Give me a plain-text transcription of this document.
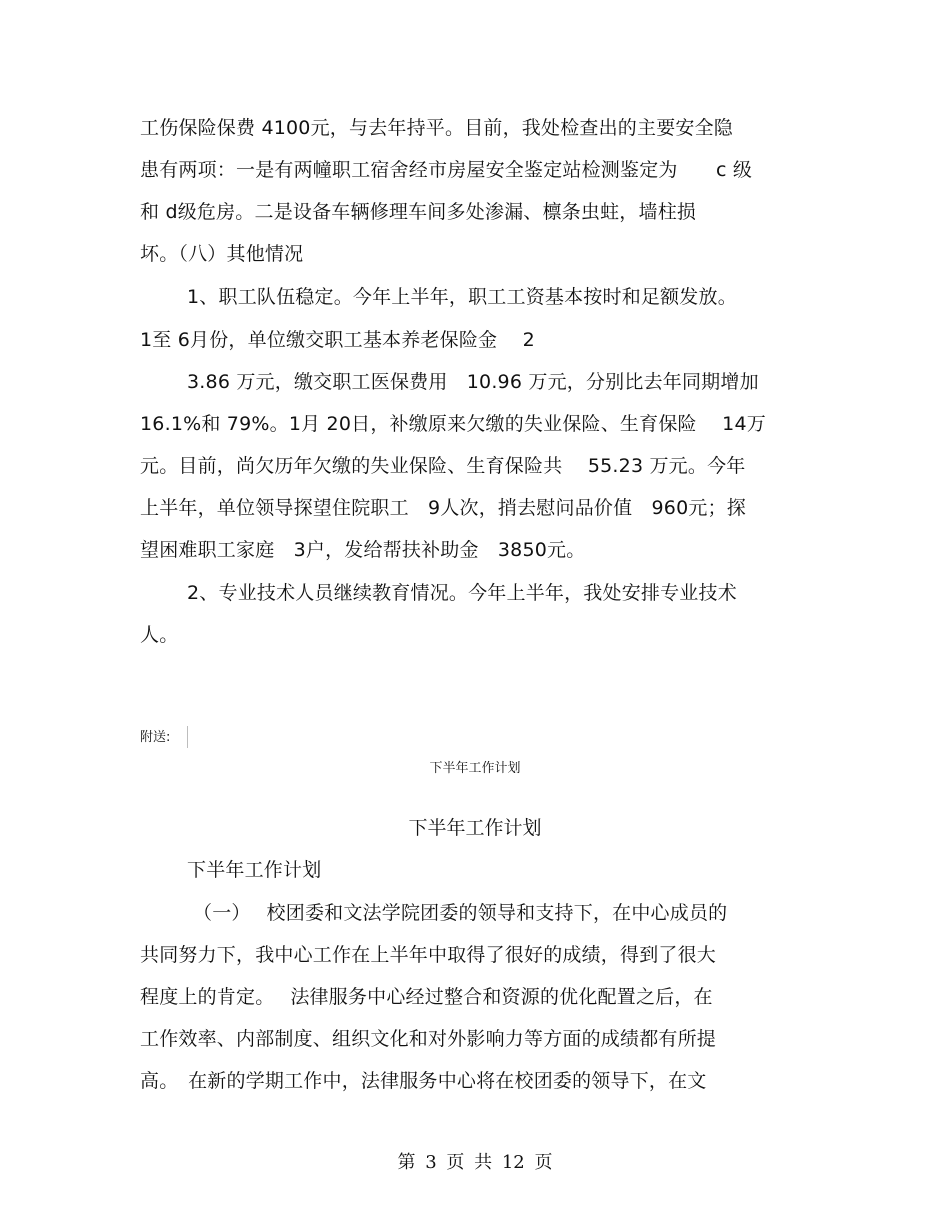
工伤保险保费 4100元，与去年持平。目前，我处检查出的主要安全隐
患有两项：一是有两幢职工宿舍经市房屋安全鉴定站检测鉴定为　　c 级
和 d级危房。二是设备车辆修理车间多处渗漏、檩条虫蛀，墙柱损
坏。（八）其他情况
1、职工队伍稳定。今年上半年，职工工资基本按时和足额发放。
1至 6月份，单位缴交职工基本养老保险金　 2
3.86 万元，缴交职工医保费用　10.96 万元，分别比去年同期增加
16.1%和 79%。1月 20日，补缴原来欠缴的失业保险、生育保险　 14万
元。目前，尚欠历年欠缴的失业保险、生育保险共　 55.23 万元。今年
上半年，单位领导探望住院职工　9人次，捎去慰问品价值　960元；探
望困难职工家庭　3户，发给帮扶补助金　3850元。
2、专业技术人员继续教育情况。今年上半年，我处安排专业技术
人。
附送:
下半年工作计划
下半年工作计划
下半年工作计划
（一）　 校团委和文法学院团委的领导和支持下，在中心成员的
共同努力下，我中心工作在上半年中取得了很好的成绩，得到了很大
程度上的肯定。　 法律服务中心经过整合和资源的优化配置之后，在
工作效率、内部制度、组织文化和对外影响力等方面的成绩都有所提
高。　在新的学期工作中，法律服务中心将在校团委的领导下，在文
第 3 页 共 12 页
